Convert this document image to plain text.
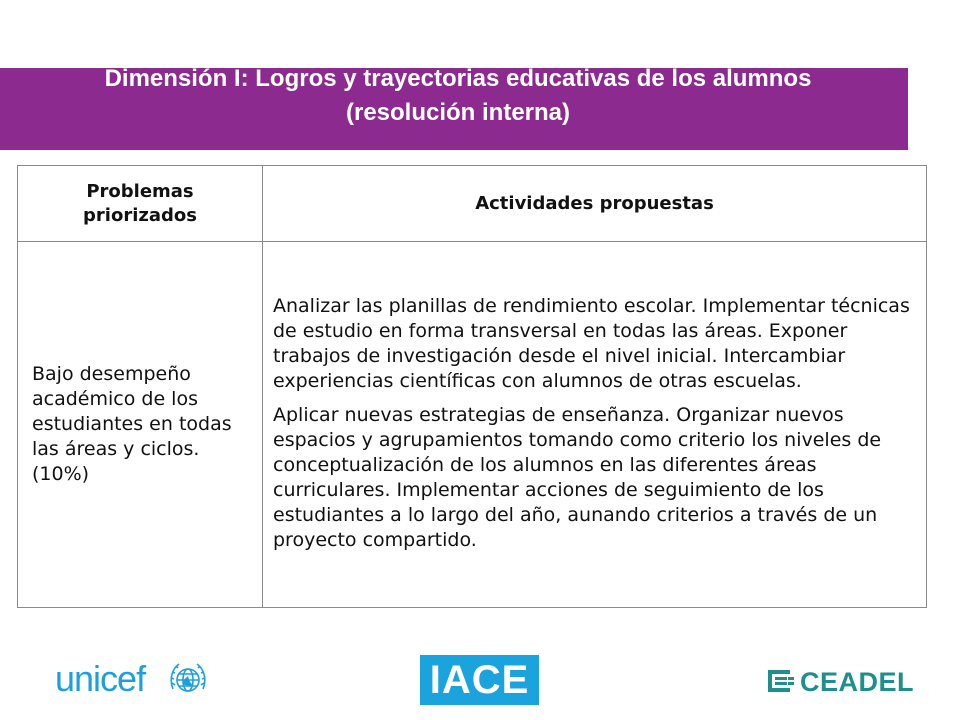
Dimensión I: Logros y trayectorias educativas de los alumnos
(resolución interna)
Problemas priorizados	Actividades propuestas
Bajo desempeño académico de los estudiantes en todas las áreas y ciclos. (10%)	Analizar las planillas de rendimiento escolar. Implementar técnicas de estudio en forma transversal en todas las áreas. Exponer trabajos de investigación desde el nivel inicial. Intercambiar experiencias científicas con alumnos de otras escuelas.

Aplicar nuevas estrategias de enseñanza. Organizar nuevos espacios y agrupamientos tomando como criterio los niveles de conceptualización de los alumnos en las diferentes áreas curriculares. Implementar acciones de seguimiento de los estudiantes a lo largo del año, aunando criterios a través de un proyecto compartido.

unicef	IACE	CEADEL
